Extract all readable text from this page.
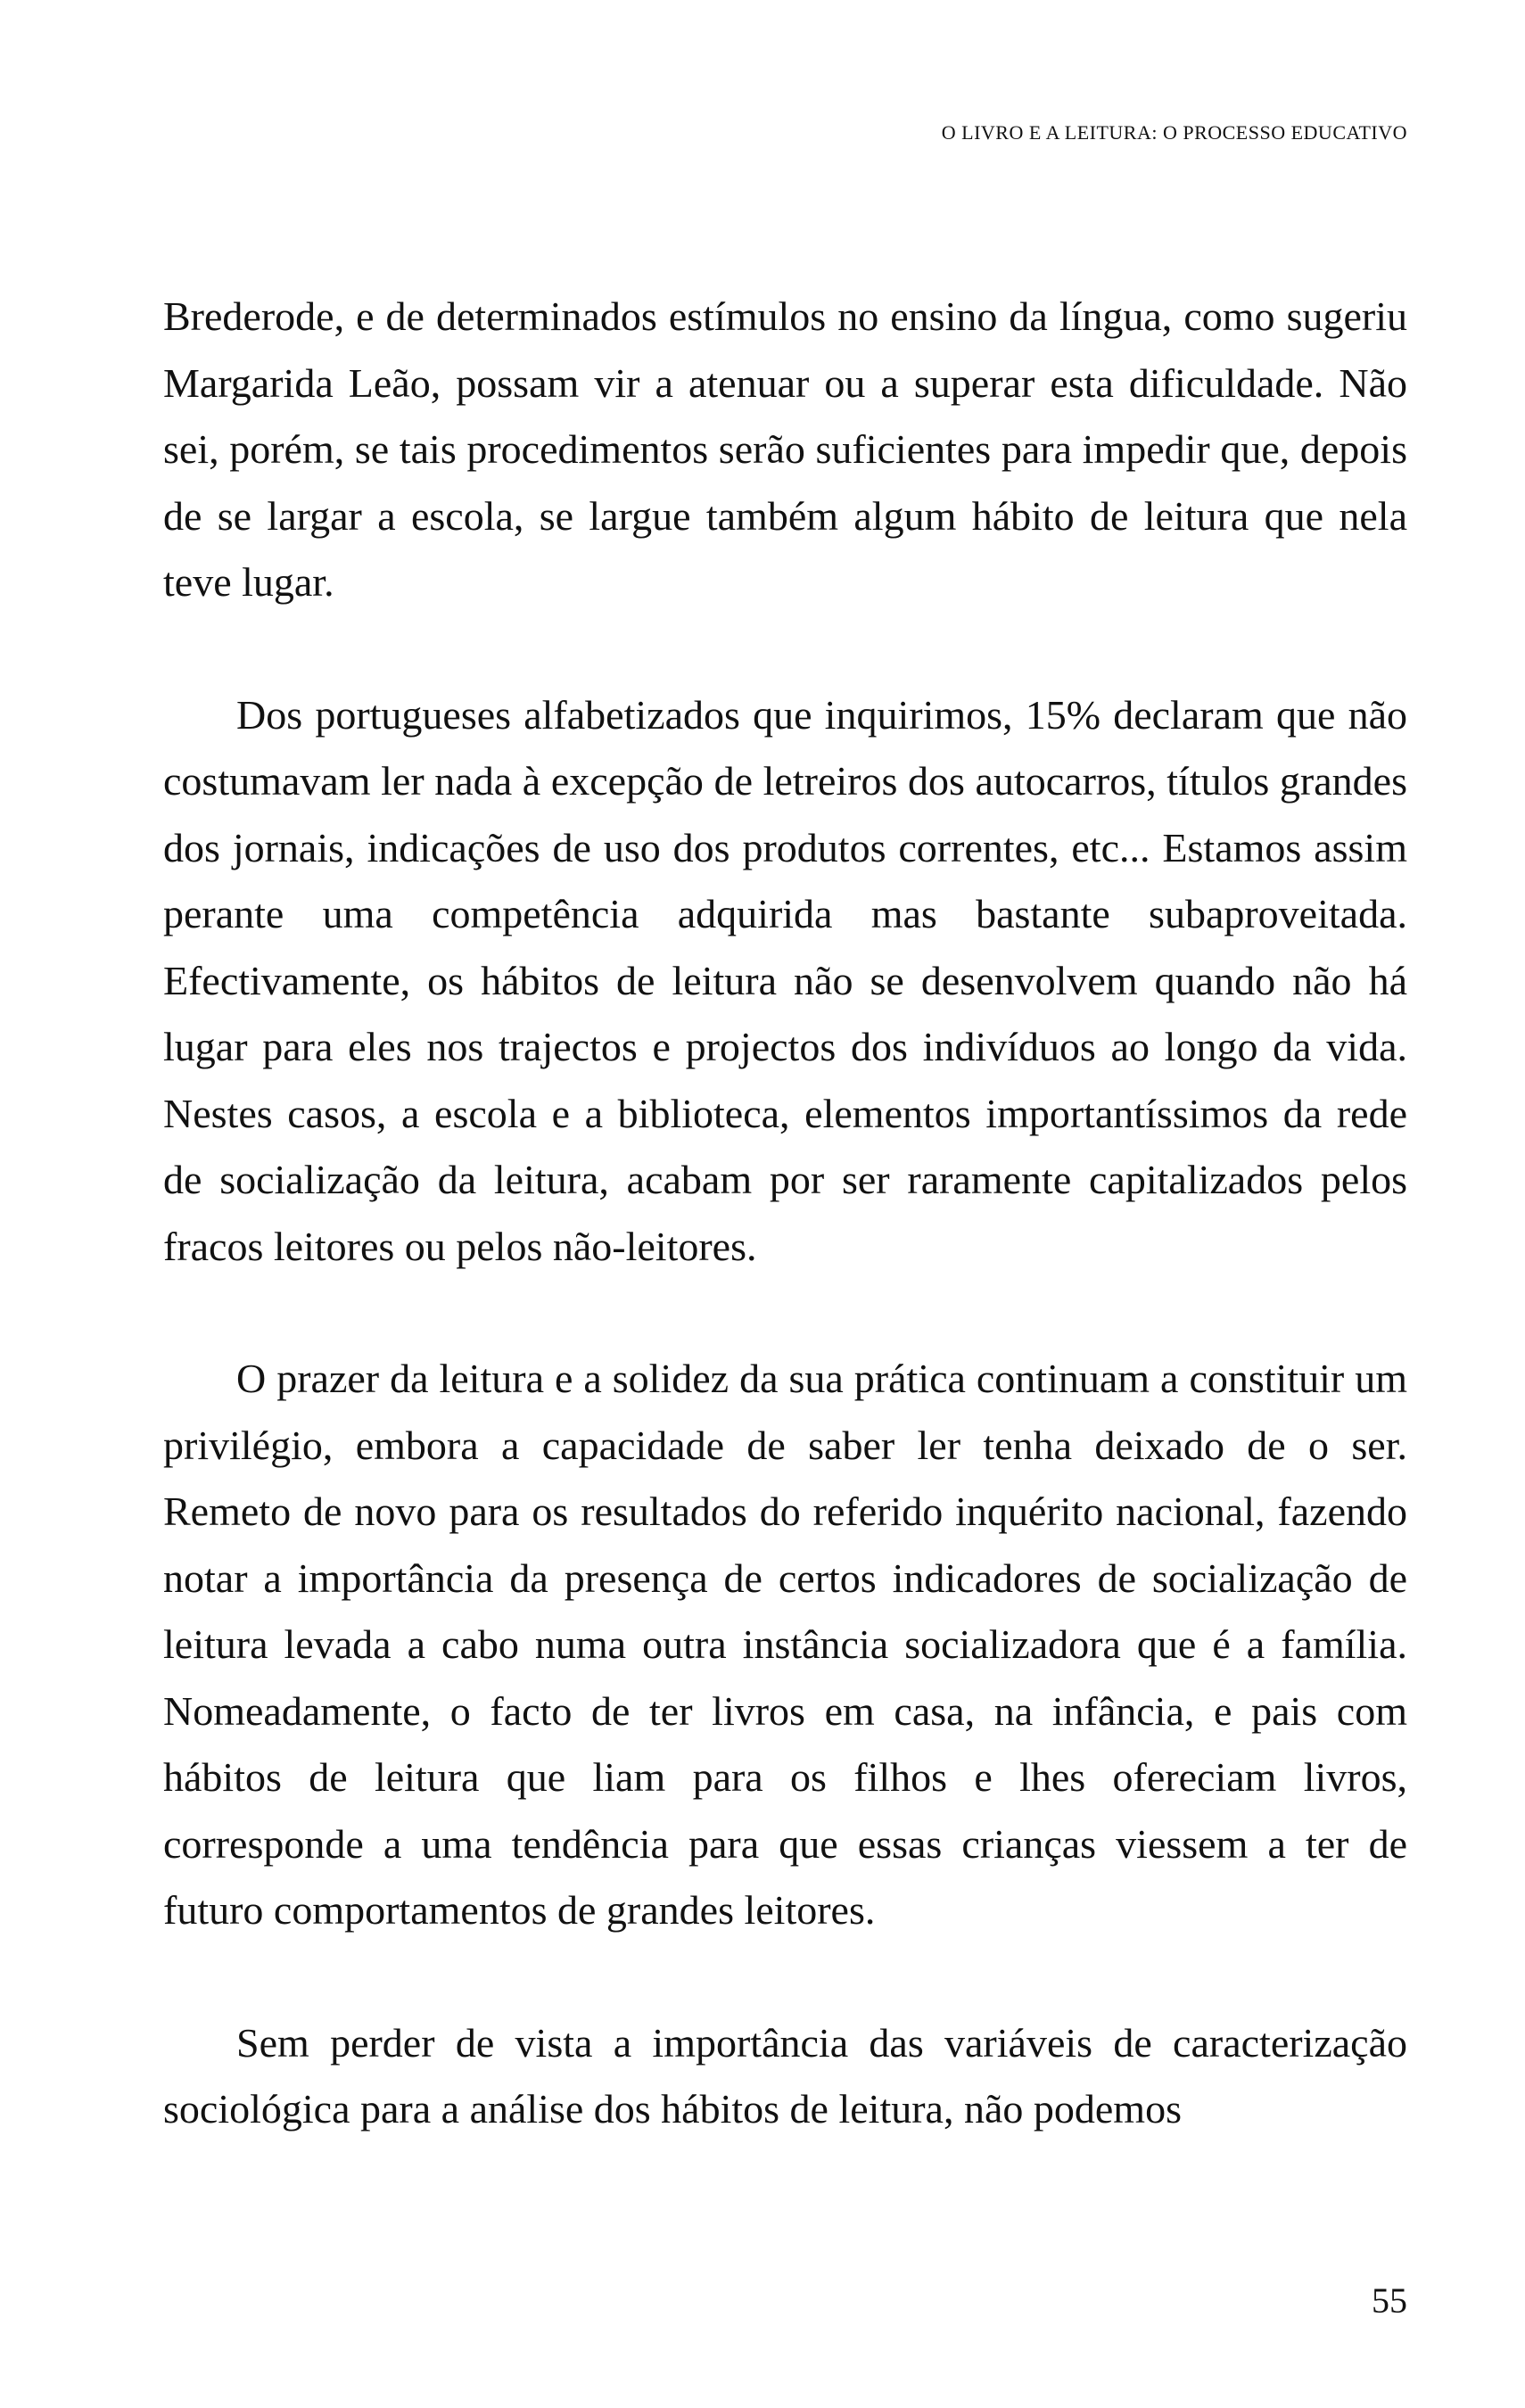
O LIVRO E A LEITURA: O PROCESSO EDUCATIVO

Brederode, e de determinados estímulos no ensino da língua, como sugeriu Margarida Leão, possam vir a atenuar ou a superar esta dificuldade. Não sei, porém, se tais procedimentos serão suficientes para impedir que, depois de se largar a escola, se largue também algum hábito de leitura que nela teve lugar.

Dos portugueses alfabetizados que inquirimos, 15% declaram que não costumavam ler nada à excepção de letreiros dos autocarros, títulos grandes dos jornais, indicações de uso dos produtos correntes, etc... Estamos assim perante uma competência adquirida mas bastante subaproveitada. Efectivamente, os hábitos de leitura não se desenvolvem quando não há lugar para eles nos trajectos e projectos dos indivíduos ao longo da vida. Nestes casos, a escola e a biblioteca, elementos importantíssimos da rede de socialização da leitura, acabam por ser raramente capitalizados pelos fracos leitores ou pelos não-leitores.

O prazer da leitura e a solidez da sua prática continuam a constituir um privilégio, embora a capacidade de saber ler tenha deixado de o ser. Remeto de novo para os resultados do referido inquérito nacional, fazendo notar a importância da presença de certos indicadores de socialização de leitura levada a cabo numa outra instância socializadora que é a família. Nomeadamente, o facto de ter livros em casa, na infância, e pais com hábitos de leitura que liam para os filhos e lhes ofereciam livros, corresponde a uma tendência para que essas crianças viessem a ter de futuro comportamentos de grandes leitores.

Sem perder de vista a importância das variáveis de caracterização sociológica para a análise dos hábitos de leitura, não podemos

55
